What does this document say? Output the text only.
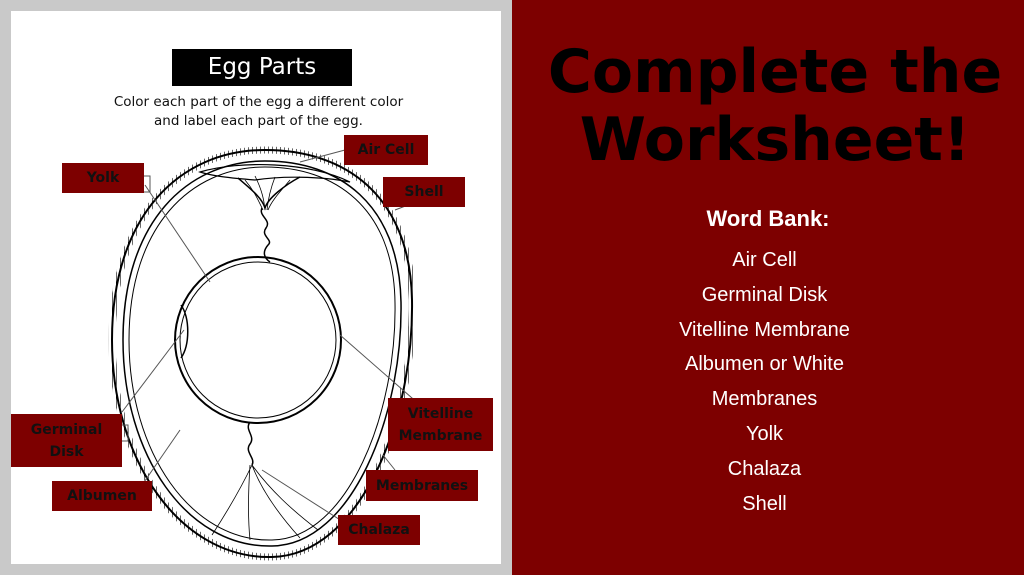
Egg Parts
Color each part of the egg a different color
and label each part of the egg.
Air Cell
Yolk
Shell
Germinal Disk
Vitelline Membrane
Albumen
Membranes
Chalaza
Complete the
Worksheet!
Word Bank:
Air Cell
Germinal Disk
Vitelline Membrane
Albumen or White
Membranes
Yolk
Chalaza
Shell
